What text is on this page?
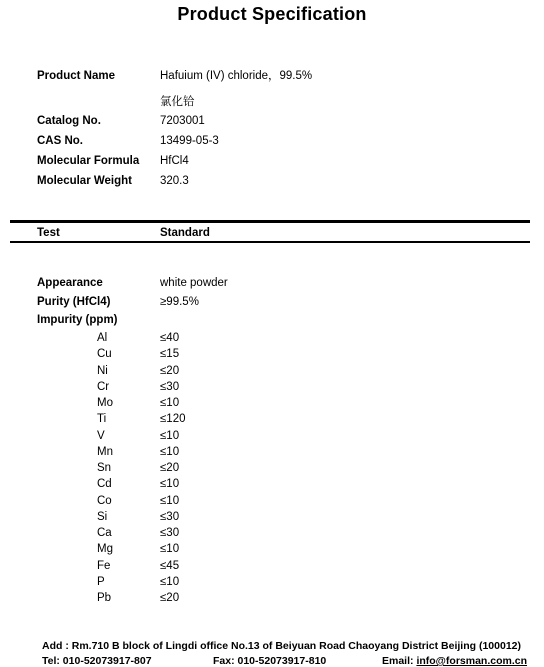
Product Specification
Product Name	Hafuium (IV) chloride，99.5%
氯化铪
Catalog No.	7203001
CAS No.	13499-05-3
Molecular Formula HfCl4
Molecular Weight 320.3
Test	Standard
Appearance	white powder
Purity (HfCl4)	≥99.5%
Impurity (ppm)
Al	≤40
Cu	≤15
Ni	≤20
Cr	≤30
Mo	≤10
Ti	≤120
V	≤10
Mn	≤10
Sn	≤20
Cd	≤10
Co	≤10
Si	≤30
Ca	≤30
Mg	≤10
Fe	≤45
P	≤10
Pb	≤20
Add : Rm.710 B block of Lingdi office No.13 of Beiyuan Road Chaoyang District Beijing (100012)
Tel: 010-52073917-807	Fax: 010-52073917-810	Email: info@forsman.com.cn
